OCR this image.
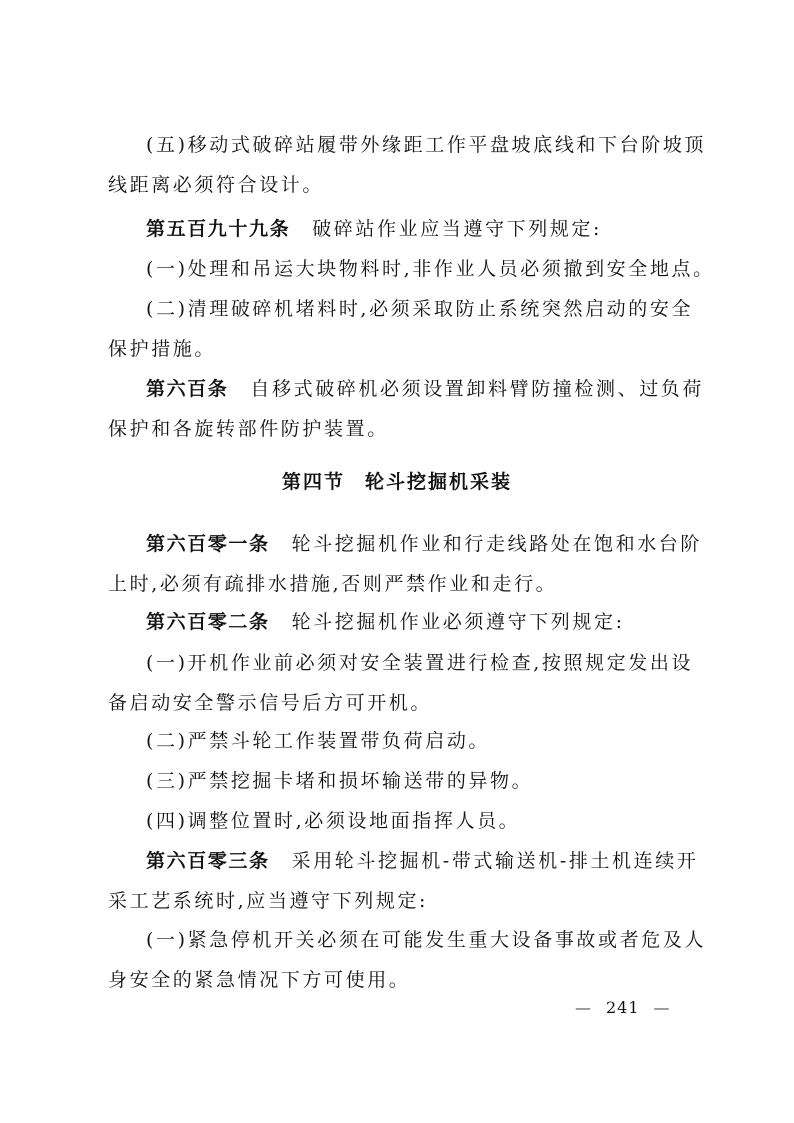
(五)移动式破碎站履带外缘距工作平盘坡底线和下台阶坡顶
线距离必须符合设计。
第五百九十九条 破碎站作业应当遵守下列规定:
(一)处理和吊运大块物料时,非作业人员必须撤到安全地点。
(二)清理破碎机堵料时,必须采取防止系统突然启动的安全
保护措施。
第六百条 自移式破碎机必须设置卸料臂防撞检测、过负荷
保护和各旋转部件防护装置。
第四节 轮斗挖掘机采装
第六百零一条 轮斗挖掘机作业和行走线路处在饱和水台阶
上时,必须有疏排水措施,否则严禁作业和走行。
第六百零二条 轮斗挖掘机作业必须遵守下列规定:
(一)开机作业前必须对安全装置进行检查,按照规定发出设
备启动安全警示信号后方可开机。
(二)严禁斗轮工作装置带负荷启动。
(三)严禁挖掘卡堵和损坏输送带的异物。
(四)调整位置时,必须设地面指挥人员。
第六百零三条 采用轮斗挖掘机-带式输送机-排土机连续开
采工艺系统时,应当遵守下列规定:
(一)紧急停机开关必须在可能发生重大设备事故或者危及人
身安全的紧急情况下方可使用。
— 241 —
